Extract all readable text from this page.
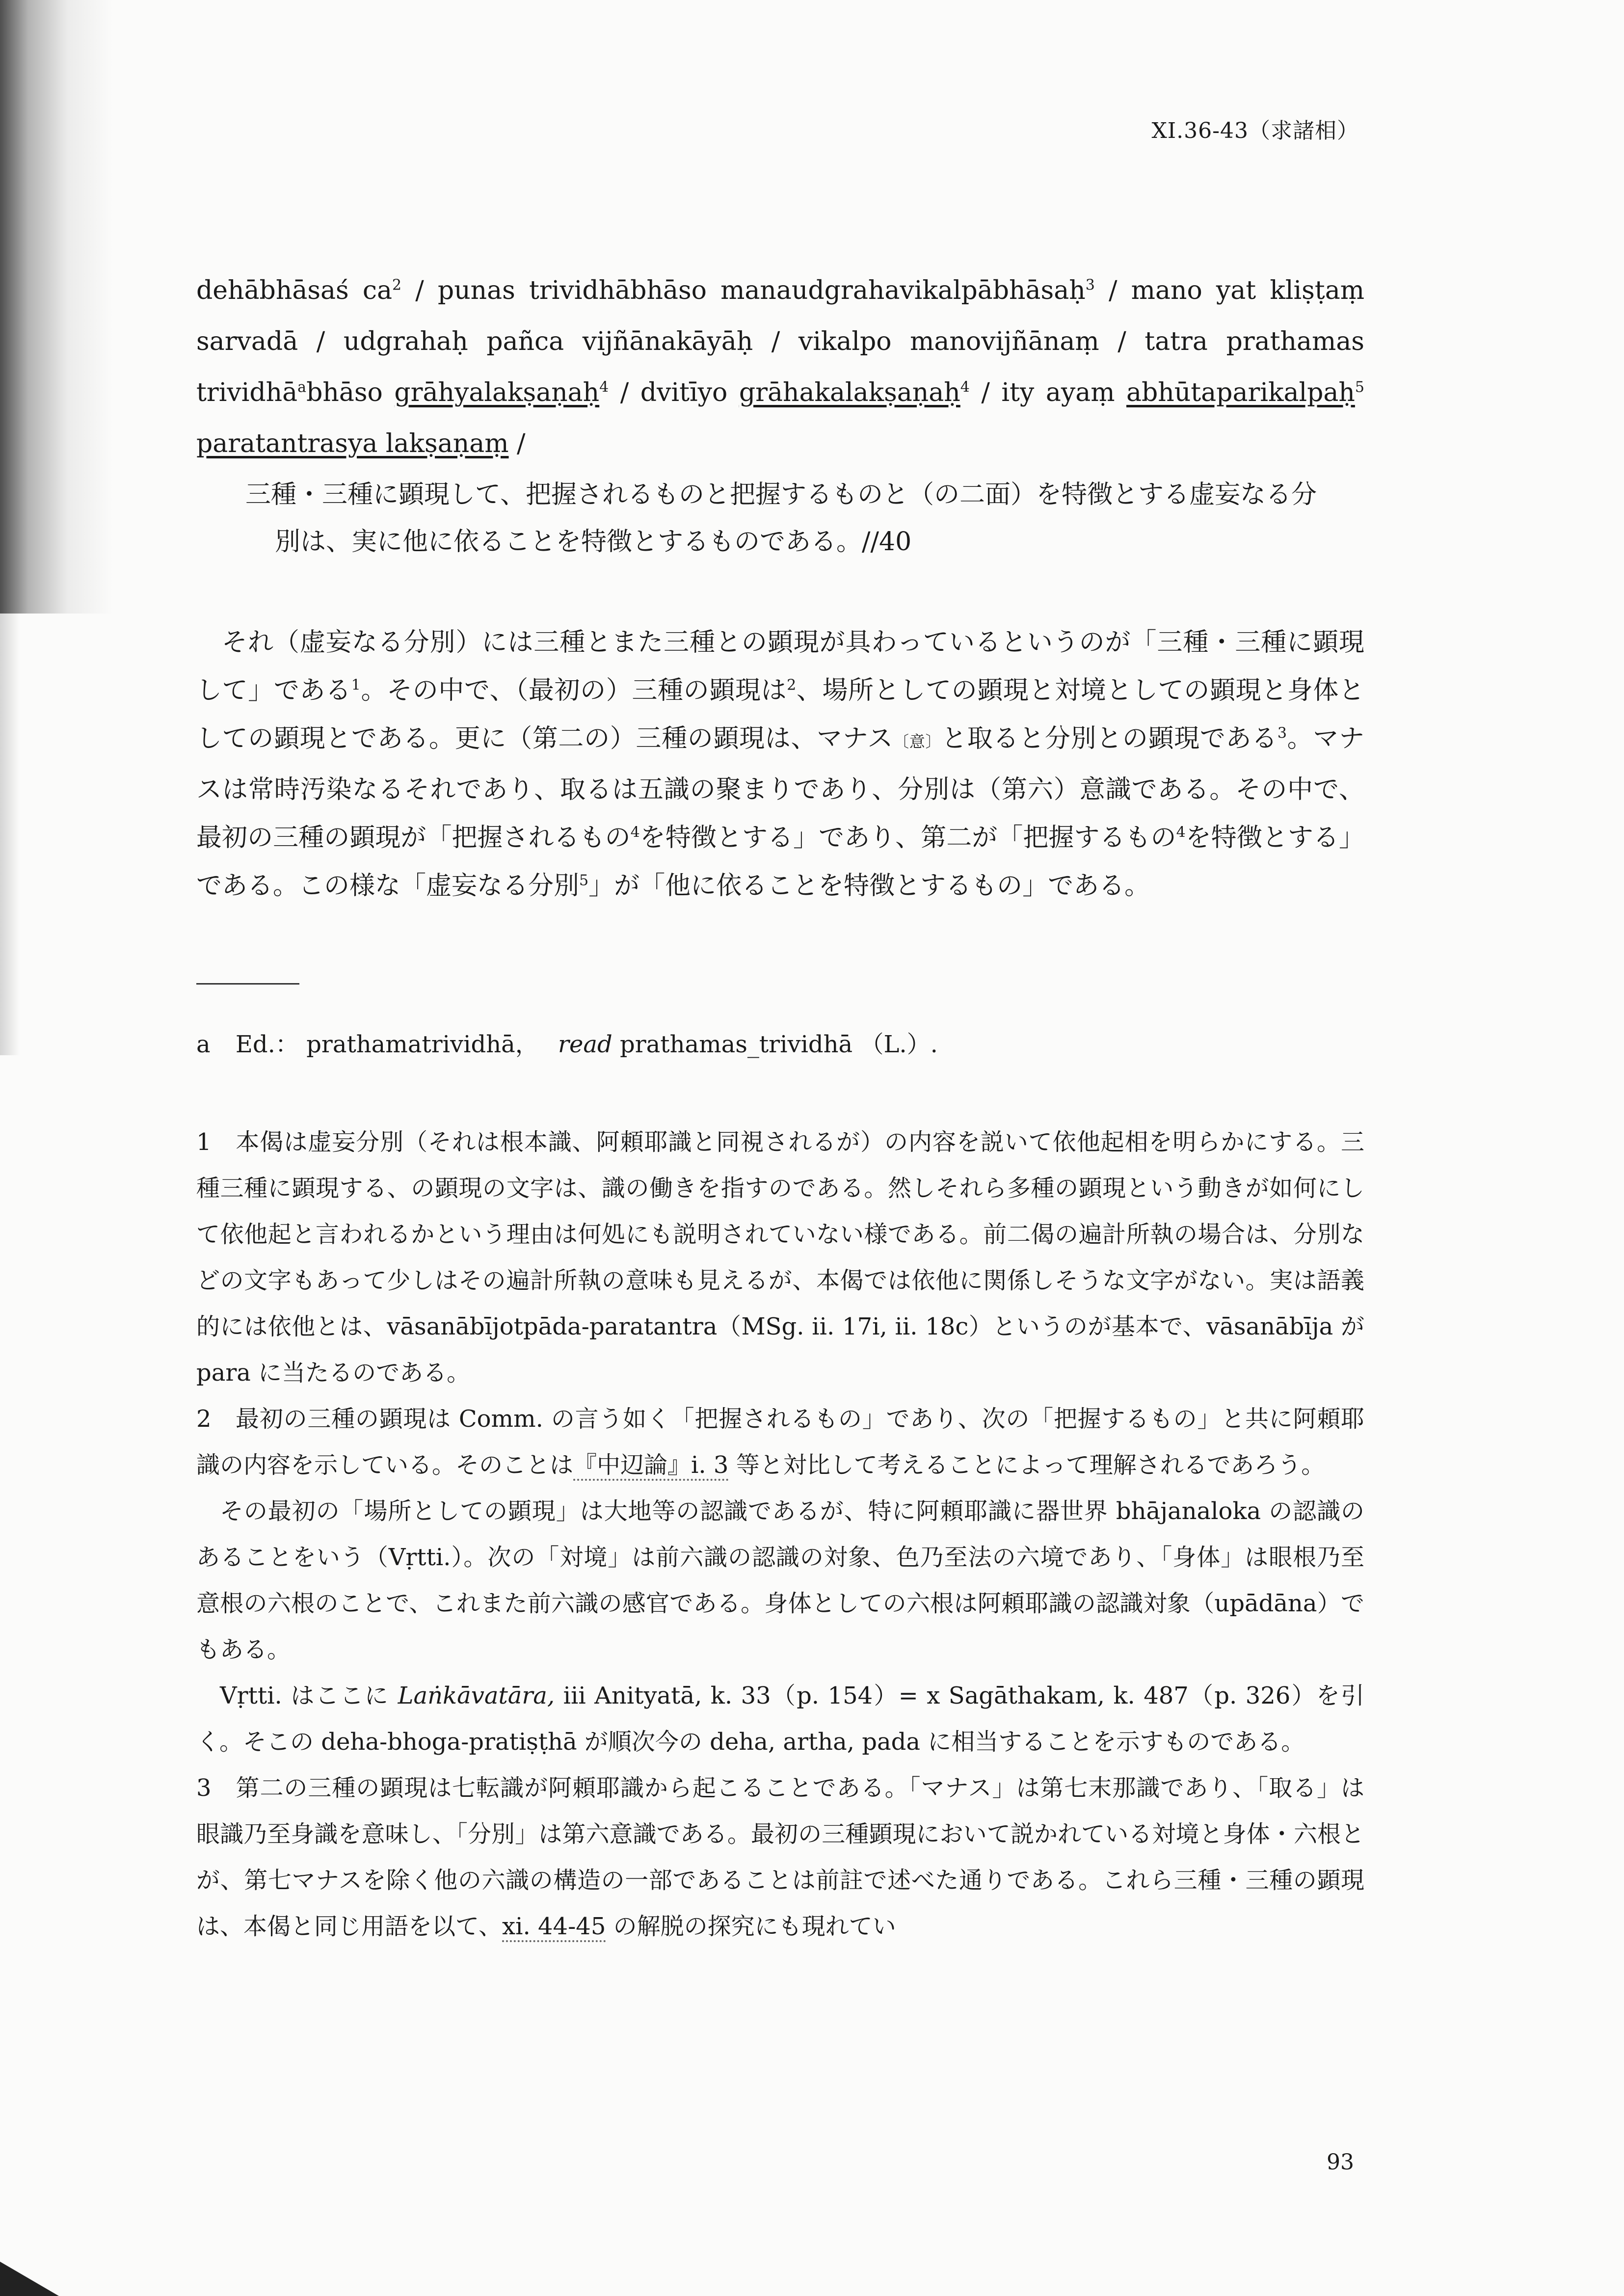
XI.36-43（求諸相）
dehābhāsaś $ca^2$ / punas trividhābhāso manaudgrahavikalpābhāsaḥ$^3$ / mano yat kliṣṭaṃ sarvadā / udgrahaḥ pañca vijñānakāyāḥ / vikalpo manovijñānaṃ / tatra prathamas trividhā$^a$bhāso grāhyalakṣaṇaḥ$^4$ / dvitīyo grāhakalakṣaṇaḥ$^4$ / ity ayaṃ abhūtaparikalpaḥ$^5$ paratantrasya lakṣaṇaṃ /
三種・三種に顕現して、把握されるものと把握するものと（の二面）を特徴とする虚妄なる分
別は、実に他に依ることを特徴とするものである。//40
それ（虚妄なる分別）には三種とまた三種との顕現が具わっているというのが「三種・三種に顕現して」である$^1$。その中で、（最初の）三種の顕現は$^2$、場所としての顕現と対境としての顕現と身体としての顕現とである。更に（第二の）三種の顕現は、マナス〔意〕と取ると分別との顕現である$^3$。マナスは常時汚染なるそれであり、取るは五識の聚まりであり、分別は（第六）意識である。その中で、最初の三種の顕現が「把握されるもの$^4$を特徴とする」であり、第二が「把握するもの$^4$を特徴とする」である。この様な「虚妄なる分別$^5$」が「他に依ることを特徴とするもの」である。
a Ed.： prathamatrividhā， read prathamas_trividhā （L.）.

1　本偈は虚妄分別（それは根本識、阿頼耶識と同視されるが）の内容を説いて依他起相を明らかにする。三種三種に顕現する、の顕現の文字は、識の働きを指すのである。然しそれら多種の顕現という動きが如何にして依他起と言われるかという理由は何処にも説明されていない様である。前二偈の遍計所執の場合は、分別などの文字もあって少しはその遍計所執の意味も見えるが、本偈では依他に関係しそうな文字がない。実は語義的には依他とは、vāsanābījotpāda-paratantra（MSg. ii. 17i, ii. 18c）というのが基本で、vāsanābīja が para に当たるのである。

2　最初の三種の顕現は Comm. の言う如く「把握されるもの」であり、次の「把握するもの」と共に阿頼耶識の内容を示している。そのことは『中辺論』i. 3 等と対比して考えることによって理解されるであろう。

その最初の「場所としての顕現」は大地等の認識であるが、特に阿頼耶識に器世界 bhājanaloka の認識のあることをいう（Vṛtti.）。次の「対境」は前六識の認識の対象、色乃至法の六境であり、「身体」は眼根乃至意根の六根のことで、これまた前六識の感官である。身体としての六根は阿頼耶識の認識対象（upādāna）でもある。

Vṛtti. はここに Laṅkāvatāra, iii Anityatā, k. 33（p. 154）= x Sagāthakam, k. 487（p. 326）を引く。そこの deha-bhoga-pratiṣṭhā が順次今の deha, artha, pada に相当することを示すものである。

3　第二の三種の顕現は七転識が阿頼耶識から起こることである。「マナス」は第七末那識であり、「取る」は眼識乃至身識を意味し、「分別」は第六意識である。最初の三種顕現において説かれている対境と身体・六根とが、第七マナスを除く他の六識の構造の一部であることは前註で述べた通りである。これら三種・三種の顕現は、本偈と同じ用語を以て、xi. 44-45 の解脱の探究にも現れてい

93
